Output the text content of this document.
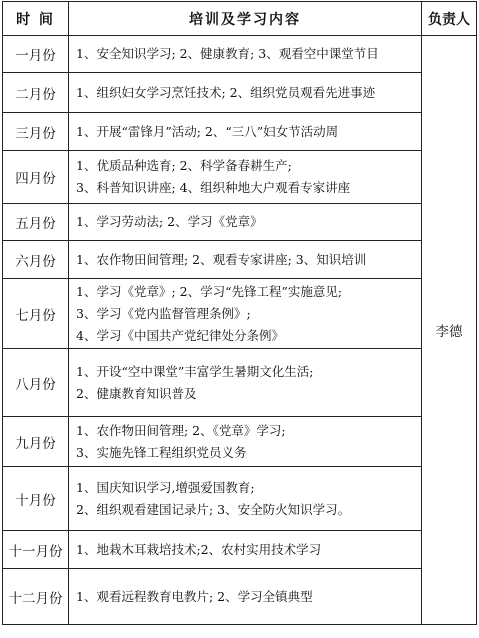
时 间	培训及学习内容	负责人
一月份	1、安全知识学习; 2、健康教育; 3、观看空中课堂节目	李德
二月份	1、组织妇女学习烹饪技术; 2、组织党员观看先进事迹	

三月份	1、开展“雷锋月”活动; 2、“三八”妇女节活动周	

四月份	1、优质品种选育; 2、科学备春耕生产;
3、科普知识讲座; 4、组织种地大户观看专家讲座	

五月份	1、学习劳动法; 2、学习《党章》	

六月份	1、农作物田间管理; 2、观看专家讲座; 3、知识培训	

七月份	1、学习《党章》; 2、学习“先锋工程”实施意见;
3、学习《党内监督管理条例》;
4、学习《中国共产党纪律处分条例》	

八月份	1、开设“空中课堂”丰富学生暑期文化生活;
2、健康教育知识普及	

九月份	1、农作物田间管理; 2、《党章》学习;
3、实施先锋工程组织党员义务	

十月份	1、国庆知识学习,增强爱国教育;
2、组织观看建国记录片; 3、安全防火知识学习。	

十一月份	1、地栽木耳栽培技术;2、农村实用技术学习	

十二月份	1、观看远程教育电教片; 2、学习全镇典型	
